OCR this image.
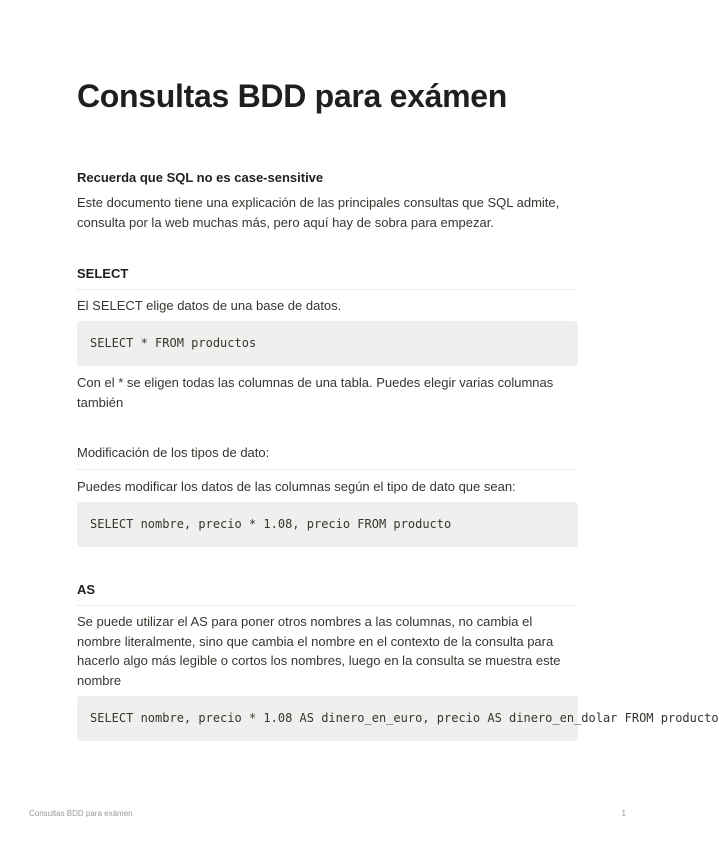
Consultas BDD para exámen
Recuerda que SQL no es case-sensitive

Este documento tiene una explicación de las principales consultas que SQL admite, consulta por la web muchas más, pero aquí hay de sobra para empezar.

SELECT

El SELECT elige datos de una base de datos.

SELECT * FROM productos

Con el * se eligen todas las columnas de una tabla. Puedes elegir varias columnas también

Modificación de los tipos de dato:

Puedes modificar los datos de las columnas según el tipo de dato que sean:

SELECT nombre, precio * 1.08, precio FROM producto
AS

Se puede utilizar el AS para poner otros nombres a las columnas, no cambia el nombre literalmente, sino que cambia el nombre en el contexto de la consulta para hacerlo algo más legible o cortos los nombres, luego en la consulta se muestra este nombre

SELECT nombre, precio * 1.08 AS dinero_en_euro, precio AS dinero_en_dolar FROM producto
Consultas BDD para exámen	1
